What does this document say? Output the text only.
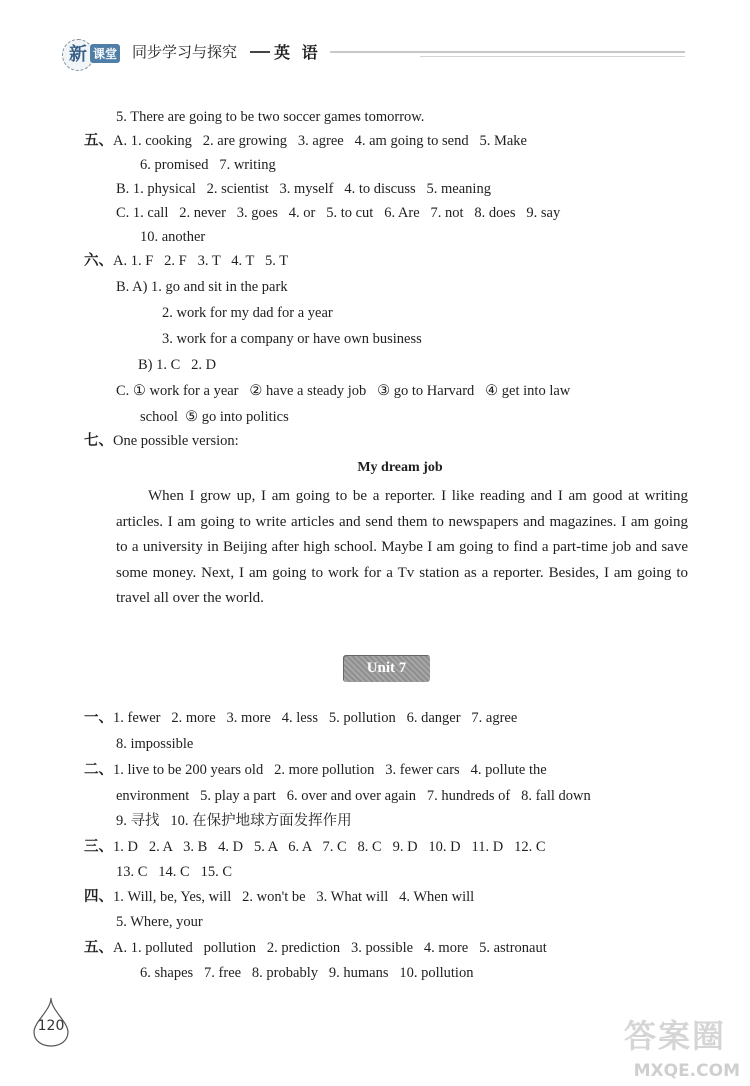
新 课堂 同步学习与探究 英 语
5. There are going to be two soccer games tomorrow.
五、A. 1. cooking   2. are growing   3. agree   4. am going to send   5. Make
6. promised   7. writing
B. 1. physical   2. scientist   3. myself   4. to discuss   5. meaning
C. 1. call   2. never   3. goes   4. or   5. to cut   6. Are   7. not   8. does   9. say
10. another
六、A. 1. F   2. F   3. T   4. T   5. T
B. A) 1. go and sit in the park
2. work for my dad for a year
3. work for a company or have own business
B) 1. C   2. D
C. ① work for a year   ② have a steady job   ③ go to Harvard   ④ get into law
school  ⑤ go into politics
七、One possible version:
My dream job
When I grow up, I am going to be a reporter. I like reading and I am good at writing articles. I am going to write articles and send them to newspapers and magazines. I am going to a university in Beijing after high school. Maybe I am going to find a part-time job and save some money. Next, I am going to work for a Tv station as a reporter. Besides, I am going to travel all over the world.
Unit 7
一、1. fewer   2. more   3. more   4. less   5. pollution   6. danger   7. agree
8. impossible
二、1. live to be 200 years old   2. more pollution   3. fewer cars   4. pollute the
environment   5. play a part   6. over and over again   7. hundreds of   8. fall down
9. 寻找   10. 在保护地球方面发挥作用
三、1. D   2. A   3. B   4. D   5. A   6. A   7. C   8. C   9. D   10. D   11. D   12. C
13. C   14. C   15. C
四、1. Will, be, Yes, will   2. won't be   3. What will   4. When will
5. Where, your
五、A. 1. polluted   pollution   2. prediction   3. possible   4. more   5. astronaut
6. shapes   7. free   8. probably   9. humans   10. pollution
120	答案圈
MXQE.COM
